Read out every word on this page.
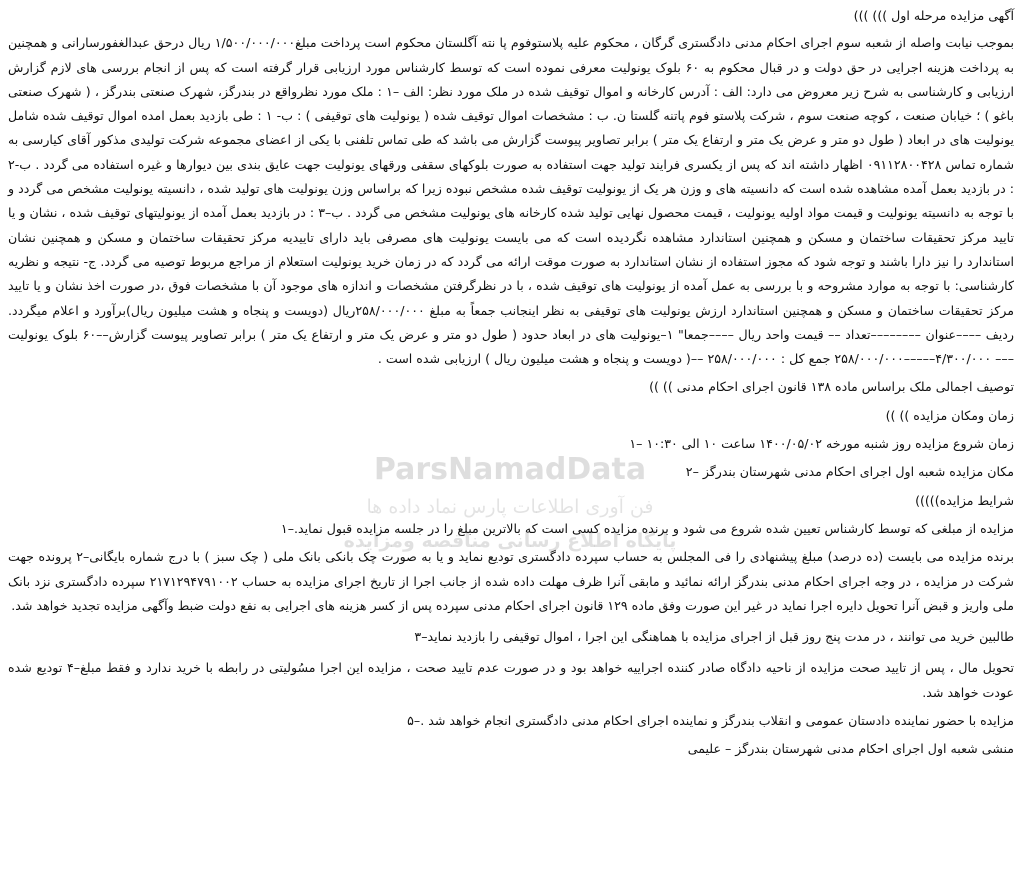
آگهی مزایده مرحله اول ))) )))

بموجب نیابت واصله از شعبه سوم اجرای احکام مدنی دادگستری گرگان ، محکوم علیه پلاستوفوم پا نته آگلستان محکوم است پرداخت مبلغ۱/۵۰۰/۰۰۰/۰۰۰ ریال درحق عبدالغفورسارانی و همچنین به پرداخت هزینه اجرایی در حق دولت و در قبال محکوم به ۶۰ بلوک یونولیت معرفی نموده است که توسط کارشناس مورد ارزیابی قرار گرفته است که پس از انجام بررسی های لازم گزارش ارزیابی و کارشناسی به شرح زیر معروض می دارد: الف : آدرس کارخانه و اموال توقیف شده در ملک مورد نظر: الف –۱ : ملک مورد نظرواقع در بندرگز، شهرک صنعتی بندرگز ، ( شهرک صنعتی باغو ) ؛ خیابان صنعت ، کوچه صنعت سوم ، شرکت پلاستو فوم پاتنه گلستا ن. ب : مشخصات اموال توقیف شده ( یونولیت های توقیفی ) : ب- ۱ : طی بازدید بعمل امده اموال توقیف شده شامل یونولیت های در ابعاد ( طول دو متر و عرض یک متر و ارتفاع یک متر ) برابر تصاویر پیوست گزارش می باشد که طی تماس تلفنی با یکی از اعضای مجموعه شرکت تولیدی مذکور آقای کیارسی به شماره تماس ۰۹۱۱۲۸۰۰۴۲۸ اظهار داشته اند که پس از یکسری فرایند تولید جهت استفاده به صورت بلوکهای سقفی ورقهای یونولیت جهت عایق بندی بین دیوارها و غیره استفاده می گردد . ب-۲ : در بازدید بعمل آمده مشاهده شده است که دانسیته های و وزن هر یک از یونولیت توقیف شده مشخص نبوده زیرا که براساس وزن یونولیت های تولید شده ، دانسیته یونولیت مشخص می گردد و با توجه به دانسیته یونولیت و قیمت مواد اولیه یونولیت ، قیمت محصول نهایی تولید شده کارخانه های یونولیت مشخص می گردد . ب–۳ : در بازدید بعمل آمده از یونولیتهای توقیف شده ، نشان و یا تایید مرکز تحقیقات ساختمان و مسکن و همچنین استاندارد مشاهده نگردیده است که می بایست یونولیت های مصرفی باید دارای تاییدیه مرکز تحقیقات ساختمان و مسکن و همچنین نشان استاندارد را نیز دارا باشند و توجه شود که مجوز استفاده از نشان استاندارد به صورت موقت ارائه می گردد که در زمان خرید یونولیت استعلام از مراجع مربوط توصیه می گردد. ج- نتیجه و نظریه کارشناسی: با توجه به موارد مشروحه و با بررسی به عمل آمده از یونولیت های توقیف شده ، با در نظرگرفتن مشخصات و اندازه های موجود آن با مشخصات فوق ،در صورت اخذ نشان و یا تایید مرکز تحقیقات ساختمان و مسکن و همچنین استاندارد ارزش یونولیت های توقیفی به نظر اینجانب جمعاً به مبلغ ۲۵۸/۰۰۰/۰۰۰ریال (دویست و پنجاه و هشت میلیون ریال)برآورد و اعلام میگردد. ردیف ––––عنوان ––––––––تعداد –– قیمت واحد ریال ––––جمعا" ۱–یونولیت های در ابعاد حدود ( طول دو متر و عرض یک متر و ارتفاع یک متر ) برابر تصاویر پیوست گزارش––۶۰ بلوک یونولیت ––– ۴/۳۰۰/۰۰۰–––––۲۵۸/۰۰۰/۰۰۰ جمع کل : ۲۵۸/۰۰۰/۰۰۰ ––( دویست و پنجاه و هشت میلیون ریال ) ارزیابی شده است .

توصیف اجمالی ملک براساس ماده ۱۳۸ قانون اجرای احکام مدنی )) ))

زمان ومکان مزایده )) ))

زمان شروع مزایده روز شنبه مورخه ۱۴۰۰/۰۵/۰۲ ساعت ۱۰ الی ۱۰:۳۰ –۱

مکان مزایده شعبه اول اجرای احکام مدنی شهرستان بندرگز –۲

شرایط مزایده)))))

مزایده از مبلغی که توسط کارشناس تعیین شده شروع می شود و برنده مزایده کسی است که بالاترین مبلغ را در جلسه مزایده قبول نماید.–۱

برنده مزایده می بایست (ده درصد) مبلغ پیشنهادی را فی المجلس به حساب سپرده دادگستری تودیع نماید و یا به صورت چک بانکی بانک ملی ( چک سبز ) با درج شماره بایگانی–۲ پرونده جهت شرکت در مزایده ، در وجه اجرای احکام مدنی بندرگز ارائه نمائید و مابقی آنرا ظرف مهلت داده شده از جانب اجرا از تاریخ اجرای مزایده به حساب ۲۱۷۱۲۹۴۷۹۱۰۰۲ سپرده دادگستری نزد بانک ملی واریز و قبض آنرا تحویل دایره اجرا نماید در غیر این صورت وفق ماده ۱۲۹ قانون اجرای احکام مدنی سپرده پس از کسر هزینه های اجرایی به نفع دولت ضبط وآگهی مزایده تجدید خواهد شد.

طالبین خرید می توانند ، در مدت پنج روز قبل از اجرای مزایده با هماهنگی این اجرا ، اموال توقیفی را بازدید نماید–۳

تحویل مال ، پس از تایید صحت مزایده از ناحیه دادگاه صادر کننده اجراییه خواهد بود و در صورت عدم تایید صحت ، مزایده این اجرا مسُولیتی در رابطه با خرید ندارد و فقط مبلغ–۴ تودیع شده عودت خواهد شد.

مزایده با حضور نماینده دادستان عمومی و انقلاب بندرگز و نماینده اجرای احکام مدنی دادگستری انجام خواهد شد .–۵

منشی شعبه اول اجرای احکام مدنی شهرستان بندرگز – علیمی

ParsNamadData
فن آوری اطلاعات پارس نماد داده ها
پایگاه اطلاع رسانی مناقصه ومزایده
